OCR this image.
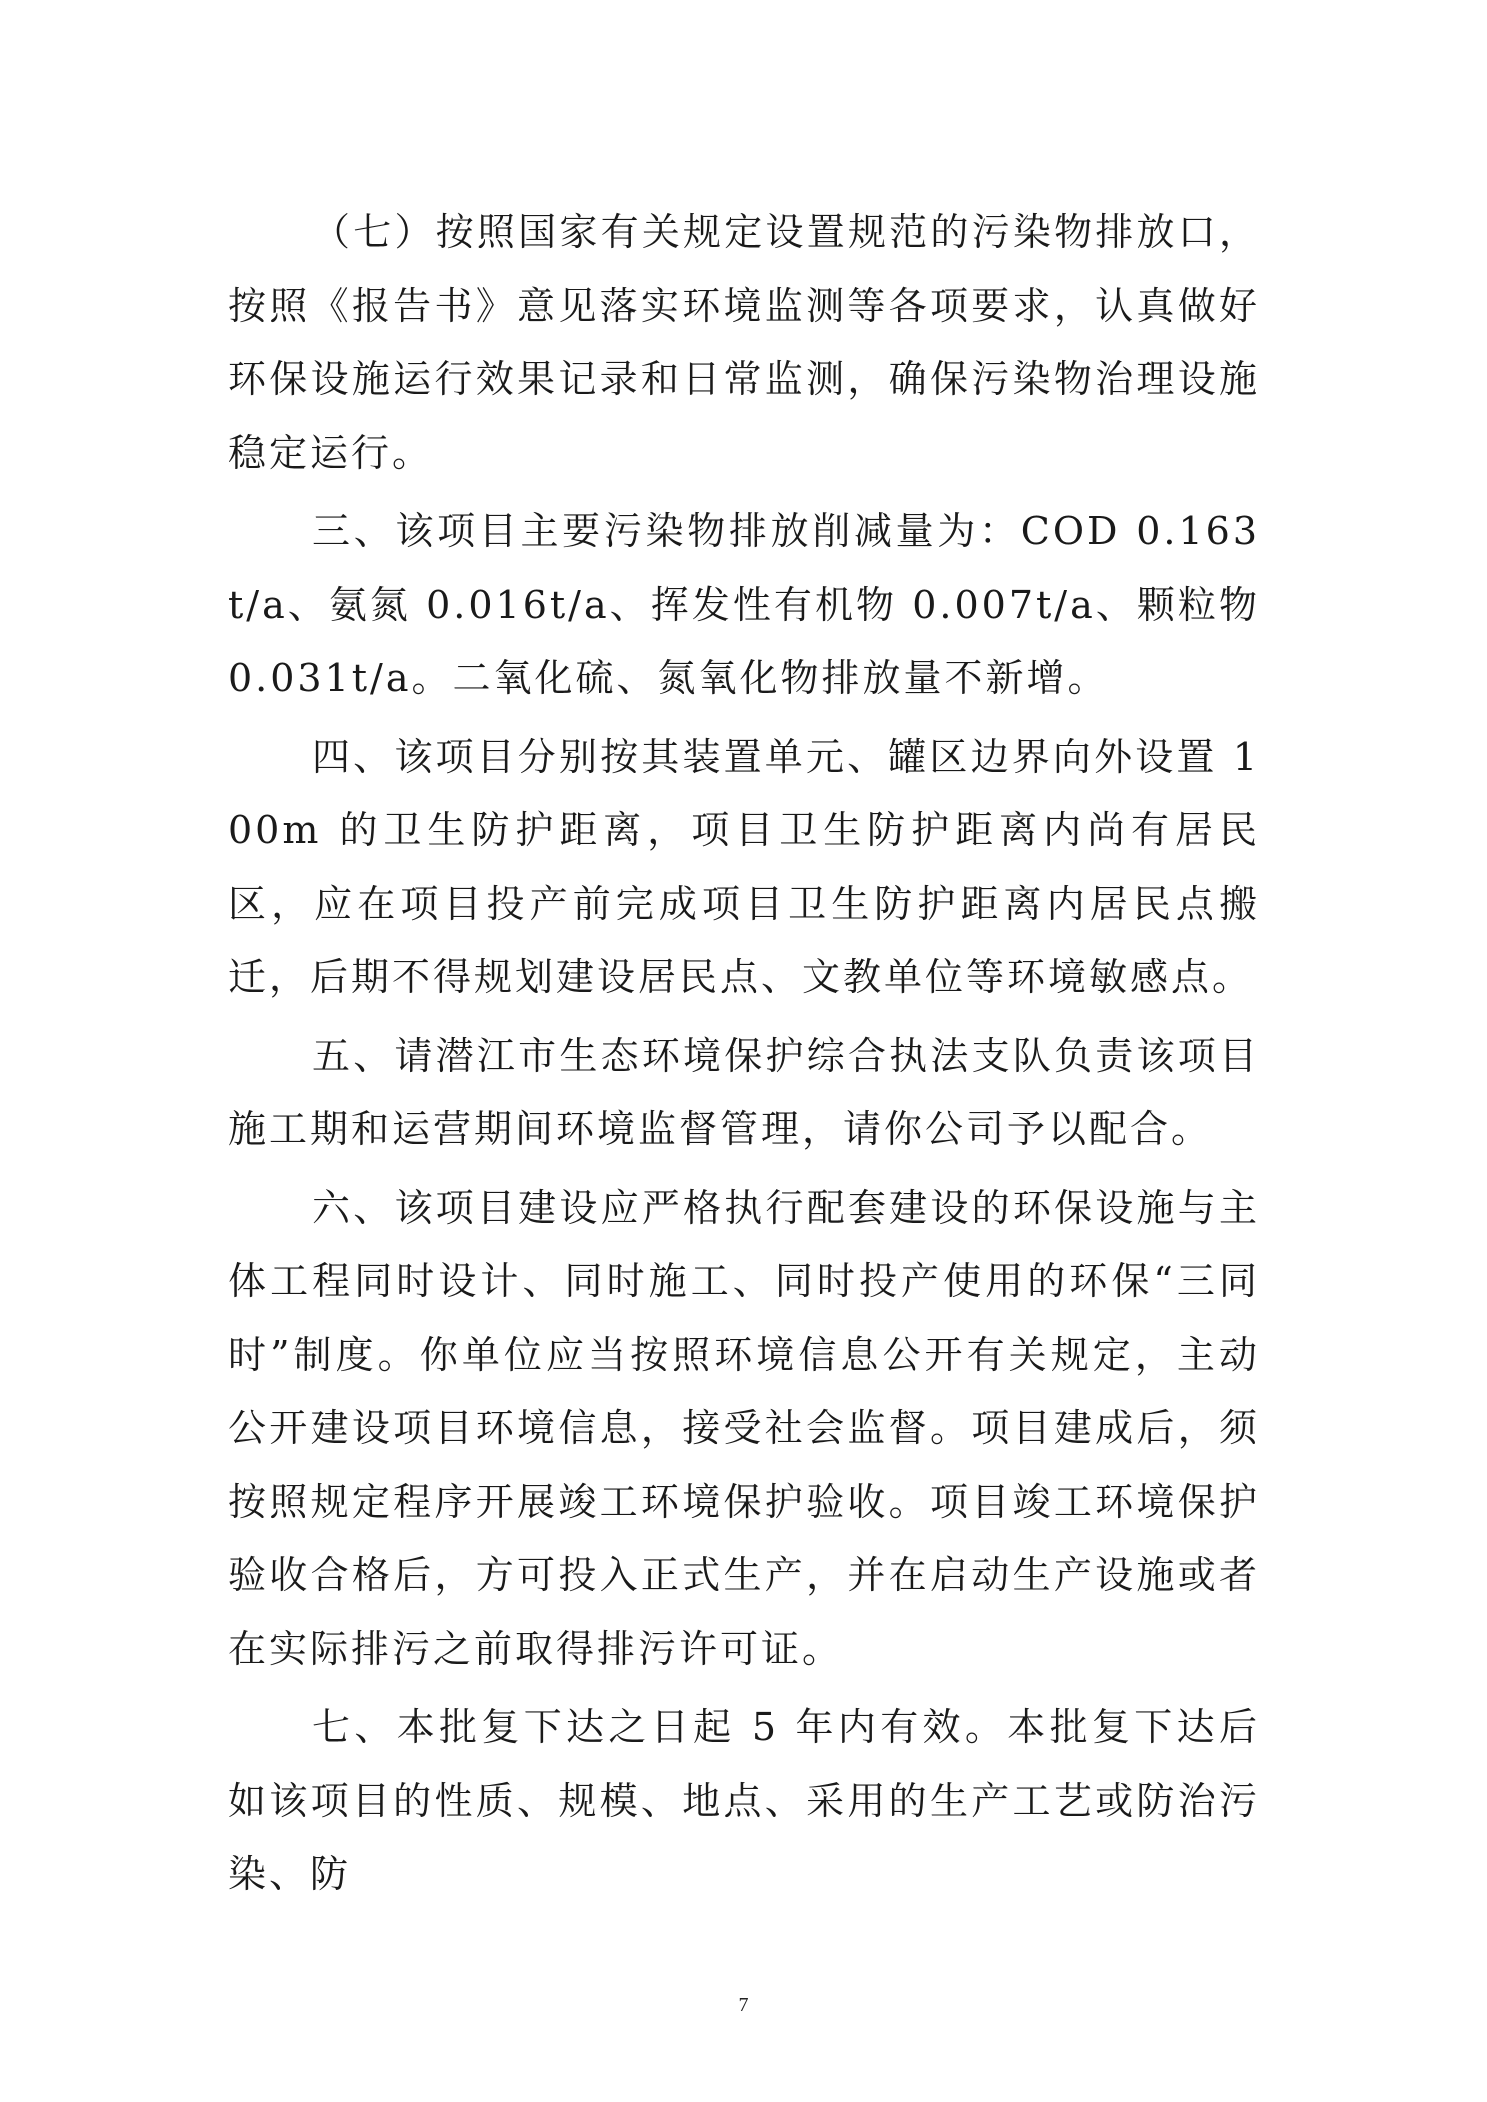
（七）按照国家有关规定设置规范的污染物排放口，按照《报告书》意见落实环境监测等各项要求，认真做好环保设施运行效果记录和日常监测，确保污染物治理设施稳定运行。

三、该项目主要污染物排放削减量为：COD 0.163t/a、氨氮 0.016t/a、挥发性有机物 0.007t/a、颗粒物 0.031t/a。二氧化硫、氮氧化物排放量不新增。

四、该项目分别按其装置单元、罐区边界向外设置 100m 的卫生防护距离，项目卫生防护距离内尚有居民区，应在项目投产前完成项目卫生防护距离内居民点搬迁，后期不得规划建设居民点、文教单位等环境敏感点。

五、请潜江市生态环境保护综合执法支队负责该项目施工期和运营期间环境监督管理，请你公司予以配合。

六、该项目建设应严格执行配套建设的环保设施与主体工程同时设计、同时施工、同时投产使用的环保“三同时”制度。你单位应当按照环境信息公开有关规定，主动公开建设项目环境信息，接受社会监督。项目建成后，须按照规定程序开展竣工环境保护验收。项目竣工环境保护验收合格后，方可投入正式生产，并在启动生产设施或者在实际排污之前取得排污许可证。

七、本批复下达之日起 5 年内有效。本批复下达后如该项目的性质、规模、地点、采用的生产工艺或防治污染、防

7
